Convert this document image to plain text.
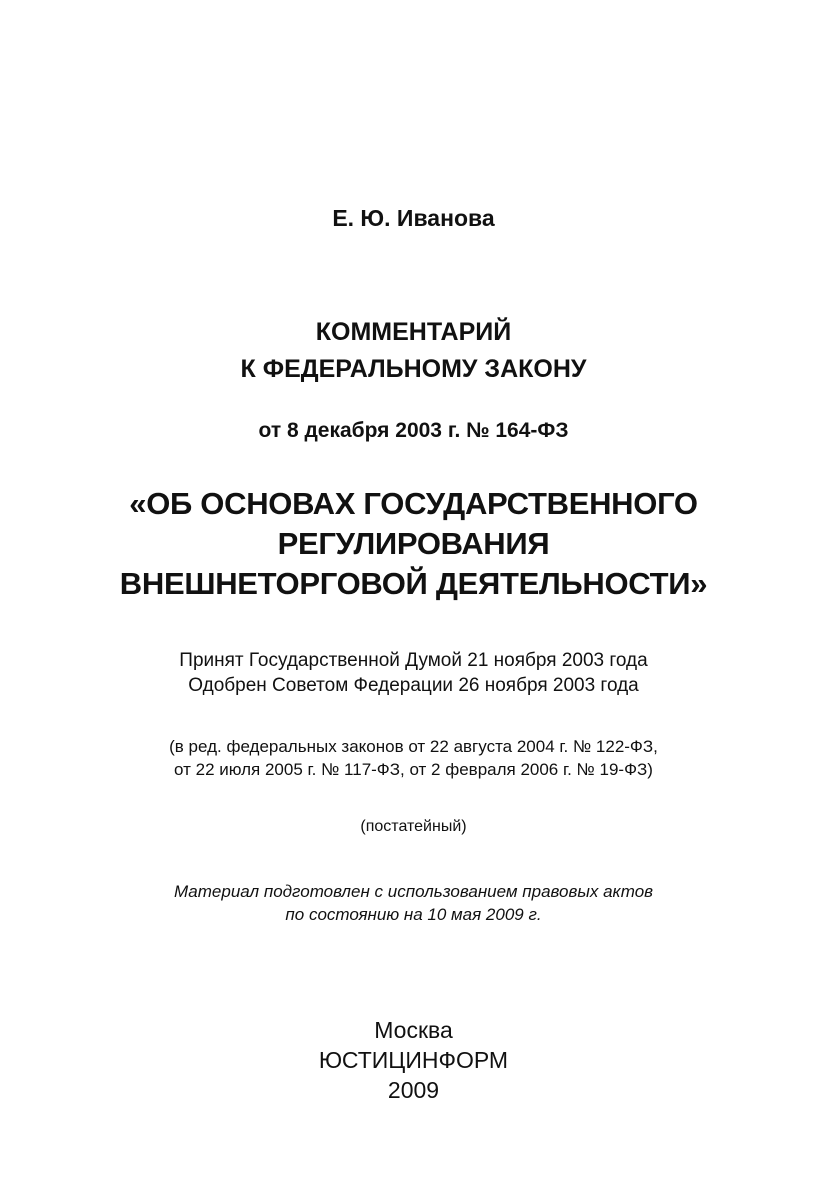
Е. Ю. Иванова
КОММЕНТАРИЙ
К ФЕДЕРАЛЬНОМУ ЗАКОНУ
от 8 декабря 2003 г. № 164-ФЗ
«ОБ ОСНОВАХ ГОСУДАРСТВЕННОГО
РЕГУЛИРОВАНИЯ
ВНЕШНЕТОРГОВОЙ ДЕЯТЕЛЬНОСТИ»
Принят Государственной Думой 21 ноября 2003 года
Одобрен Советом Федерации 26 ноября 2003 года
(в ред. федеральных законов от 22 августа 2004 г. № 122-ФЗ,
от 22 июля 2005 г. № 117-ФЗ, от 2 февраля 2006 г. № 19-ФЗ)
(постатейный)
Материал подготовлен с использованием правовых актов
по состоянию на 10 мая 2009 г.
Москва
ЮСТИЦИНФОРМ
2009
